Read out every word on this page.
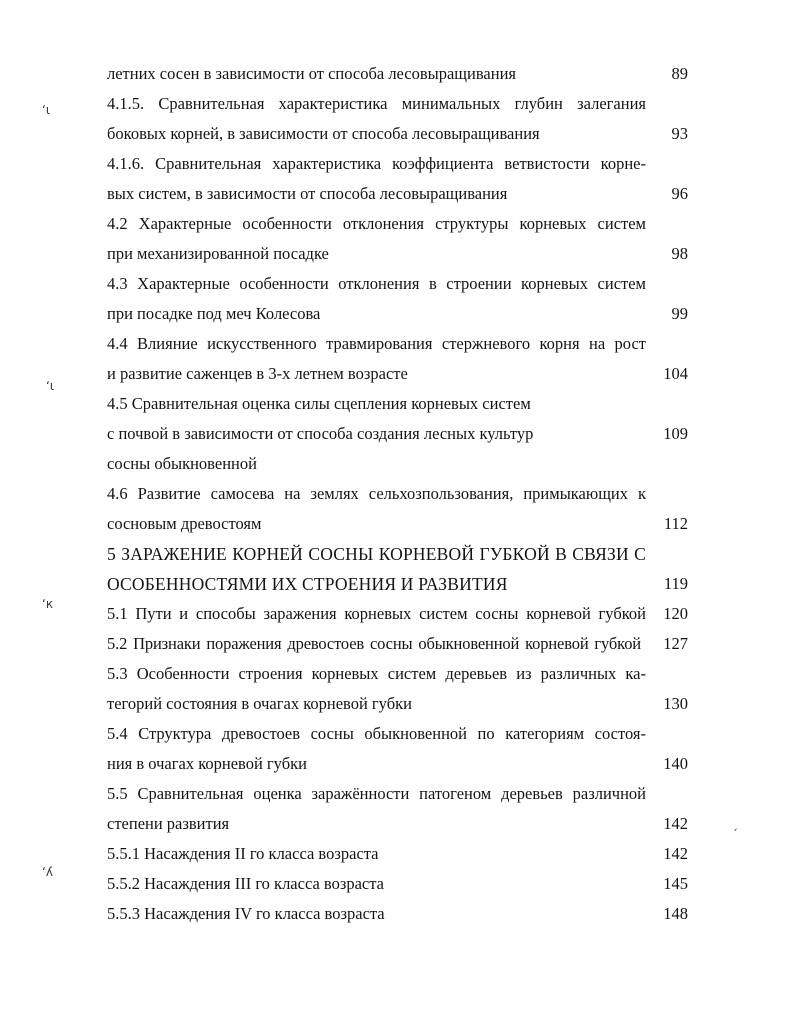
летних сосен в зависимости от способа лесовыращивания	89
4.1.5. Сравнительная характеристика минимальных глубин залегания
боковых корней, в зависимости от способа лесовыращивания	93
4.1.6. Сравнительная характеристика коэффициента ветвистости корне-
вых систем, в зависимости от способа лесовыращивания	96
4.2 Характерные особенности отклонения структуры корневых систем
при механизированной посадке	98
4.3 Характерные особенности отклонения в строении корневых систем
при посадке под меч Колесова	99
4.4 Влияние искусственного травмирования стержневого корня на рост
и развитие саженцев в 3-х летнем возрасте	104
4.5 Сравнительная оценка силы сцепления корневых систем
с почвой в зависимости от способа создания лесных культур	109
сосны обыкновенной
4.6 Развитие самосева на землях сельхозпользования, примыкающих к
сосновым древостоям	112
5 ЗАРАЖЕНИЕ КОРНЕЙ СОСНЫ КОРНЕВОЙ ГУБКОЙ В СВЯЗИ С
ОСОБЕННОСТЯМИ ИХ СТРОЕНИЯ И РАЗВИТИЯ	119
5.1 Пути и способы заражения корневых систем сосны корневой губкой 120
5.2 Признаки поражения древостоев сосны обыкновенной корневой губкой 127
5.3 Особенности строения корневых систем деревьев из различных ка-
тегорий состояния в очагах корневой губки	130
5.4 Структура древостоев сосны обыкновенной по категориям состоя-
ния в очагах корневой губки	140
5.5 Сравнительная оценка заражённости патогеном деревьев различной
степени развития	142
5.5.1 Насаждения II го класса возраста	142
5.5.2 Насаждения III го класса возраста	145
5.5.3 Насаждения IV го класса возраста	148
ʻɩ
ʻɩ
ʻк
ʻʎ
ˏ
